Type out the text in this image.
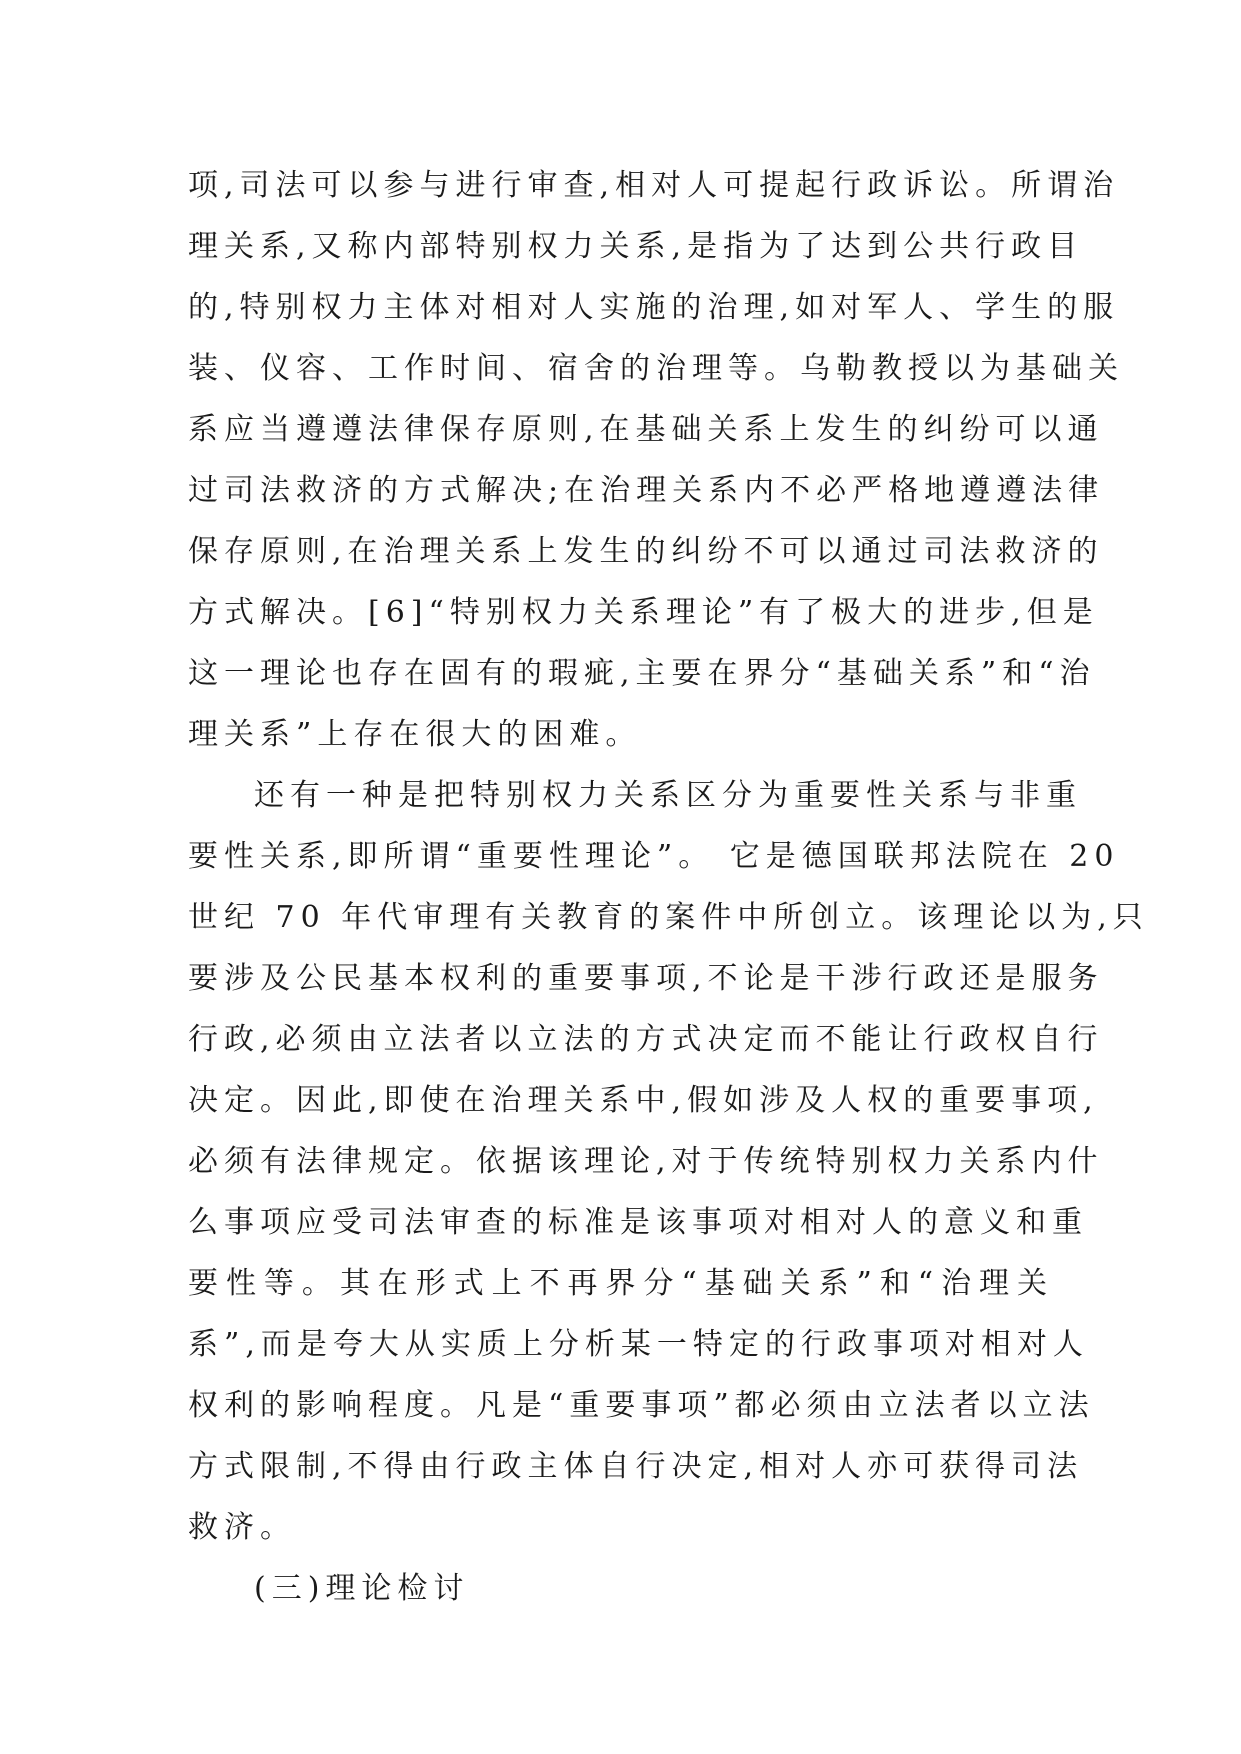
项,司法可以参与进行审查,相对人可提起行政诉讼。所谓治
理关系,又称内部特别权力关系,是指为了达到公共行政目
的,特别权力主体对相对人实施的治理,如对军人、学生的服
装、仪容、工作时间、宿舍的治理等。乌勒教授以为基础关
系应当遵遵法律保存原则,在基础关系上发生的纠纷可以通
过司法救济的方式解决;在治理关系内不必严格地遵遵法律
保存原则,在治理关系上发生的纠纷不可以通过司法救济的
方式解决。[6]“特别权力关系理论”有了极大的进步,但是
这一理论也存在固有的瑕疵,主要在界分“基础关系”和“治
理关系”上存在很大的困难。
还有一种是把特别权力关系区分为重要性关系与非重
要性关系,即所谓“重要性理论”。 它是德国联邦法院在 20
世纪 70 年代审理有关教育的案件中所创立。该理论以为,只
要涉及公民基本权利的重要事项,不论是干涉行政还是服务
行政,必须由立法者以立法的方式决定而不能让行政权自行
决定。因此,即使在治理关系中,假如涉及人权的重要事项,
必须有法律规定。依据该理论,对于传统特别权力关系内什
么事项应受司法审查的标准是该事项对相对人的意义和重
要性等。其在形式上不再界分“基础关系”和“治理关
系”,而是夸大从实质上分析某一特定的行政事项对相对人
权利的影响程度。凡是“重要事项”都必须由立法者以立法
方式限制,不得由行政主体自行决定,相对人亦可获得司法
救济。
(三)理论检讨
